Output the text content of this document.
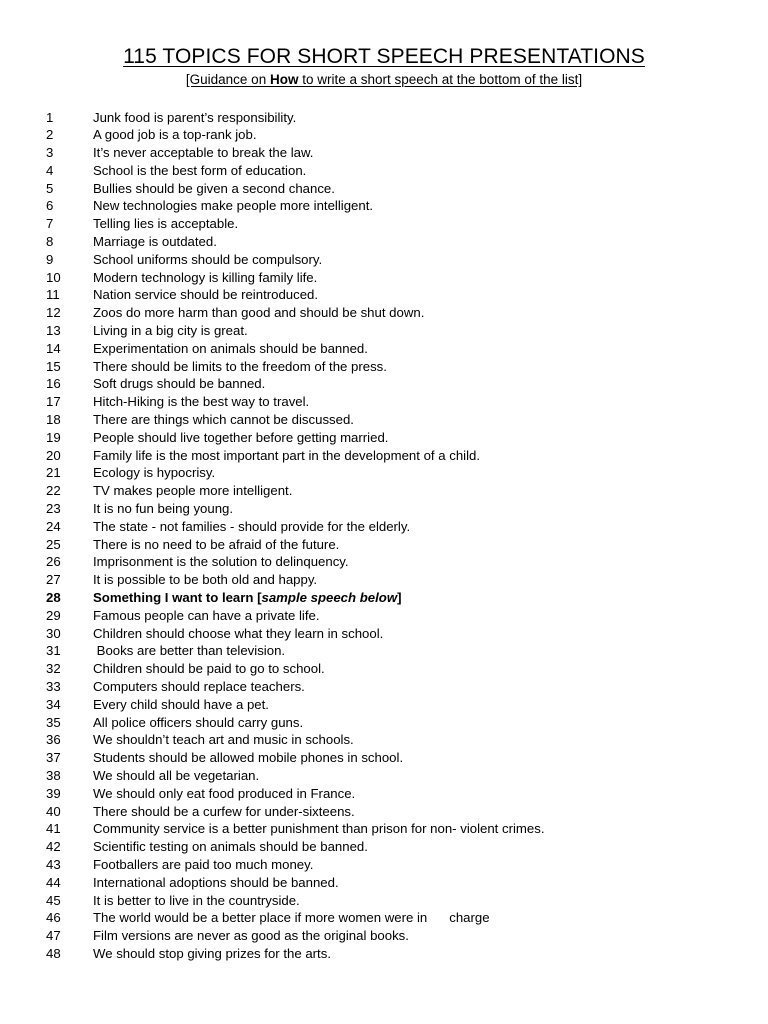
115 TOPICS FOR SHORT SPEECH PRESENTATIONS
[Guidance on How to write a short speech at the bottom of the list]
1	Junk food is parent’s responsibility.
2	A good job is a top-rank job.
3	It’s never acceptable to break the law.
4	School is the best form of education.
5	Bullies should be given a second chance.
6	New technologies make people more intelligent.
7	Telling lies is acceptable.
8	Marriage is outdated.
9	School uniforms should be compulsory.
10 Modern technology is killing family life.
11	Nation service should be reintroduced.
12 Zoos do more harm than good and should be shut down.
13 Living in a big city is great.
14 Experimentation on animals should be banned.
15 There should be limits to the freedom of the press.
16 Soft drugs should be banned.
17 Hitch-Hiking is the best way to travel.
18 There are things which cannot be discussed.
19 People should live together before getting married.
20 Family life is the most important part in the development of a child.
21 Ecology is hypocrisy.
22 TV makes people more intelligent.
23 It is no fun being young.
24 The state - not families - should provide for the elderly.
25 There is no need to be afraid of the future.
26 Imprisonment is the solution to delinquency.
27 It is possible to be both old and happy.
28 Something I want to learn [sample speech below]
29 Famous people can have a private life.
30 Children should choose what they learn in school.
31 Books are better than television.
32 Children should be paid to go to school.
33 Computers should replace teachers.
34 Every child should have a pet.
35 All police officers should carry guns.
36 We shouldn’t teach art and music in schools.
37 Students should be allowed mobile phones in school.
38 We should all be vegetarian.
39 We should only eat food produced in France.
40 There should be a curfew for under-sixteens.
41 Community service is a better punishment than prison for non- violent crimes.
42 Scientific testing on animals should be banned.
43 Footballers are paid too much money.
44 International adoptions should be banned.
45 It is better to live in the countryside.
46 The world would be a better place if more women were in      charge
47 Film versions are never as good as the original books.
48 We should stop giving prizes for the arts.
